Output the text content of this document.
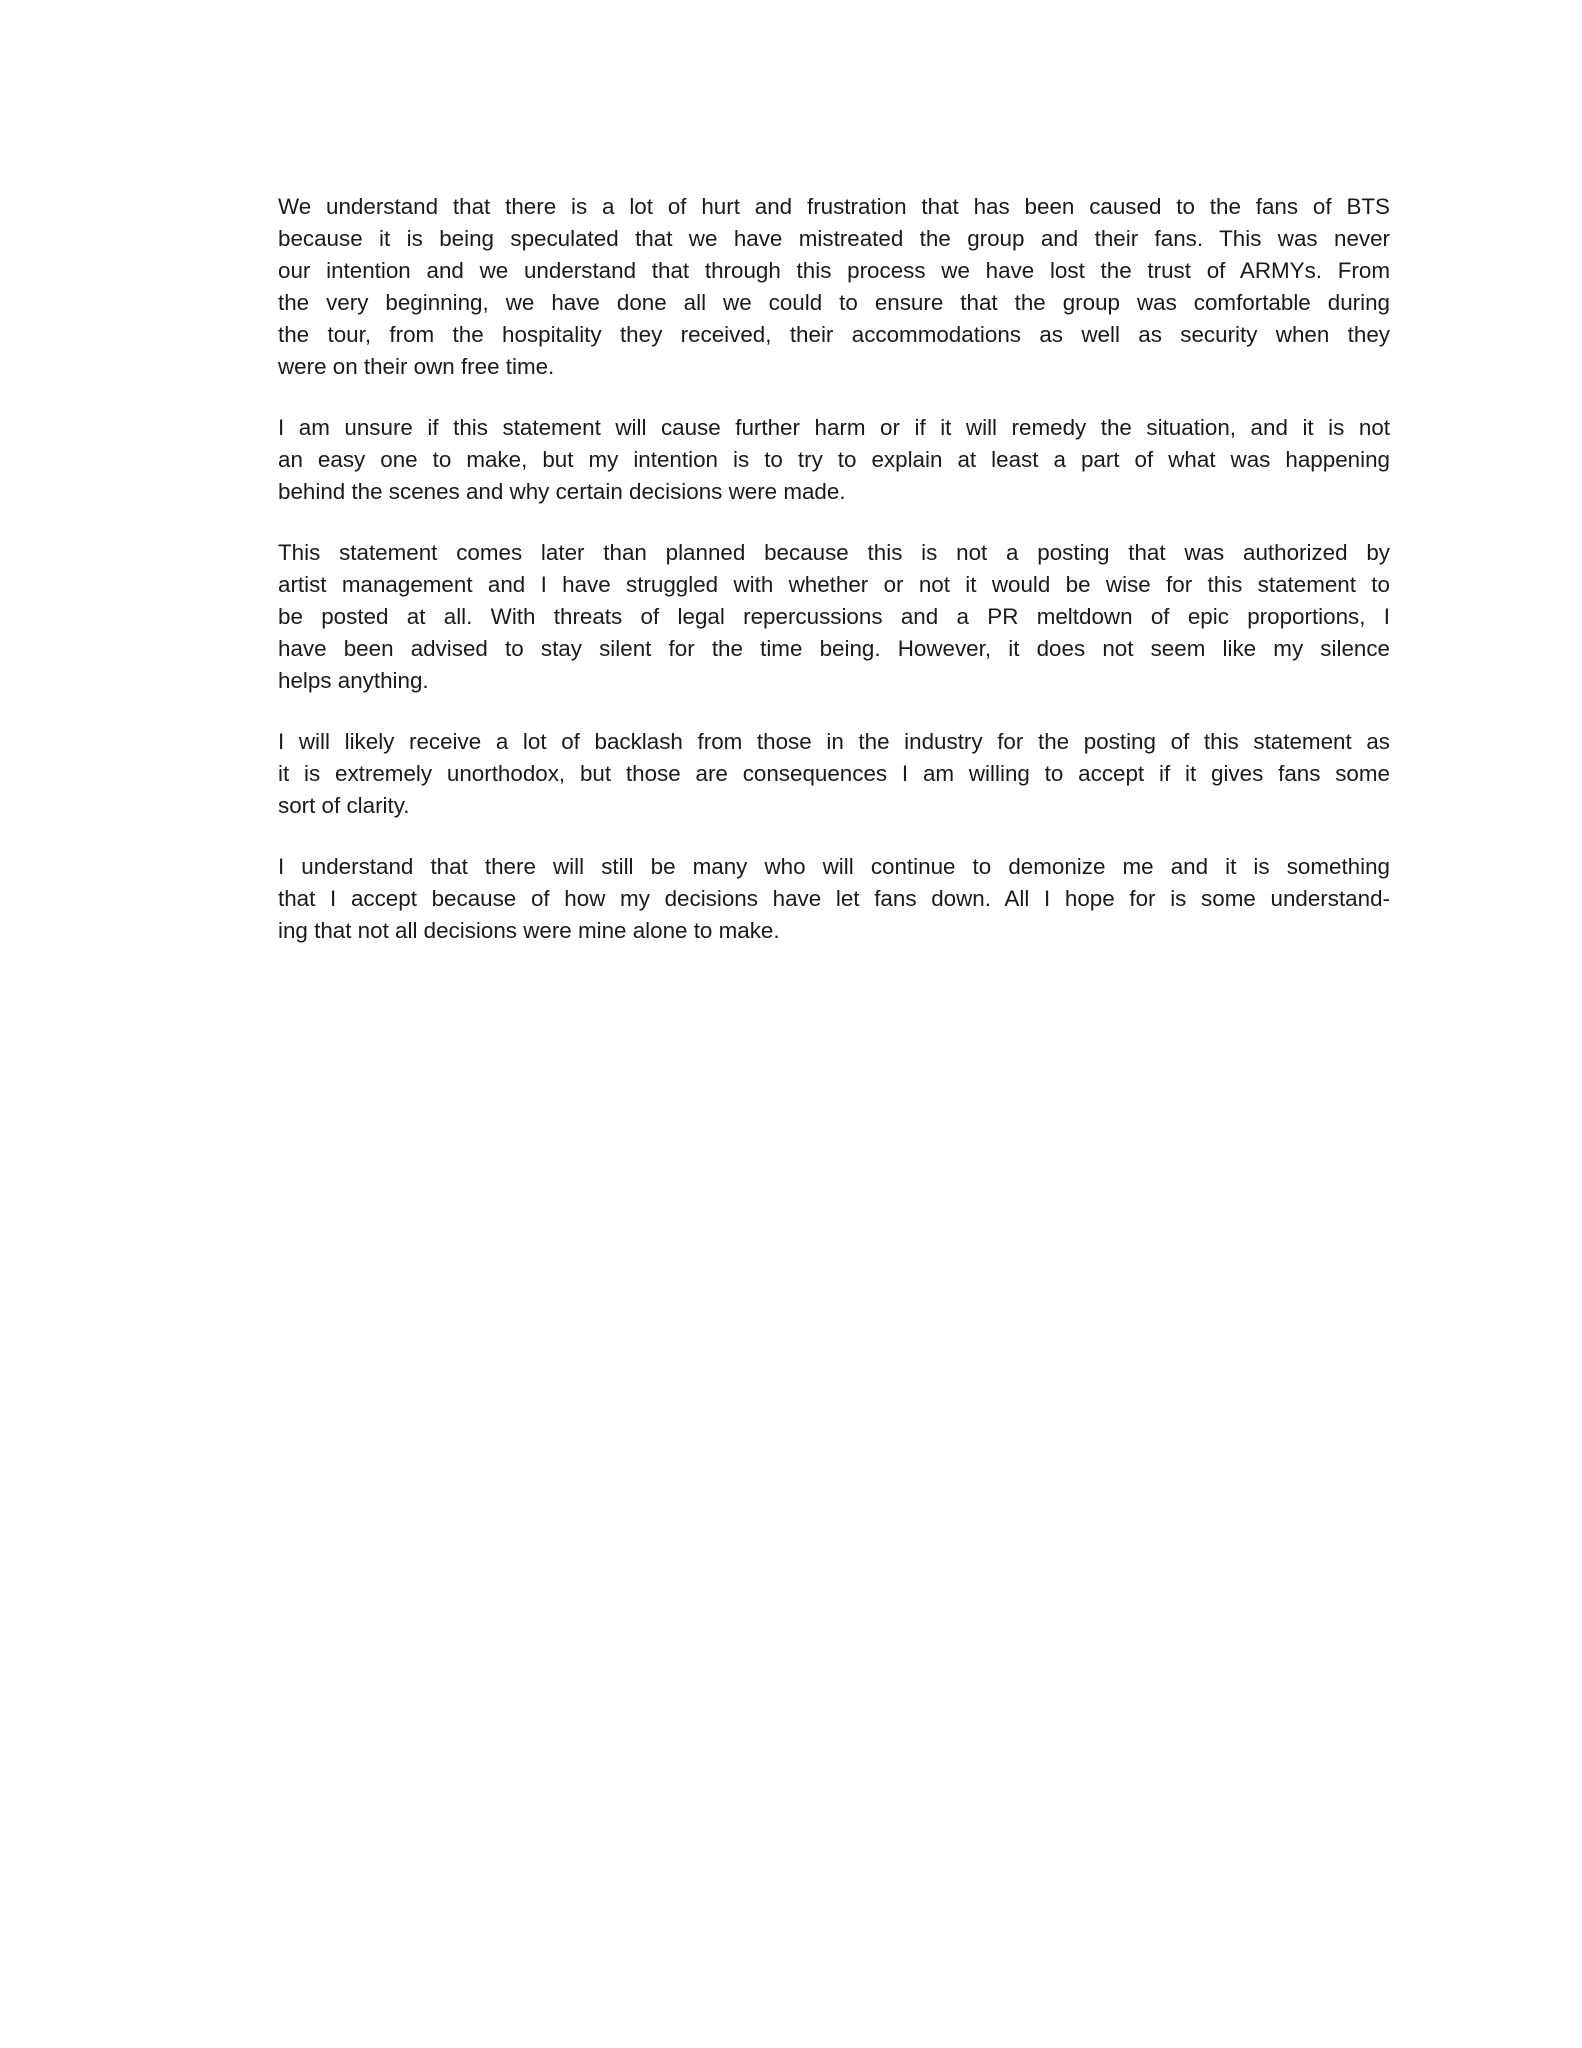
We understand that there is a lot of hurt and frustration that has been caused to the fans of BTS
because it is being speculated that we have mistreated the group and their fans. This was never
our intention and we understand that through this process we have lost the trust of ARMYs. From
the very beginning, we have done all we could to ensure that the group was comfortable during
the tour, from the hospitality they received, their accommodations as well as security when they
were on their own free time.

I am unsure if this statement will cause further harm or if it will remedy the situation, and it is not
an easy one to make, but my intention is to try to explain at least a part of what was happening
behind the scenes and why certain decisions were made.

This statement comes later than planned because this is not a posting that was authorized by
artist management and I have struggled with whether or not it would be wise for this statement to
be posted at all. With threats of legal repercussions and a PR meltdown of epic proportions, I
have been advised to stay silent for the time being. However, it does not seem like my silence
helps anything.

I will likely receive a lot of backlash from those in the industry for the posting of this statement as
it is extremely unorthodox, but those are consequences I am willing to accept if it gives fans some
sort of clarity.

I understand that there will still be many who will continue to demonize me and it is something
that I accept because of how my decisions have let fans down. All I hope for is some understand-
ing that not all decisions were mine alone to make.
